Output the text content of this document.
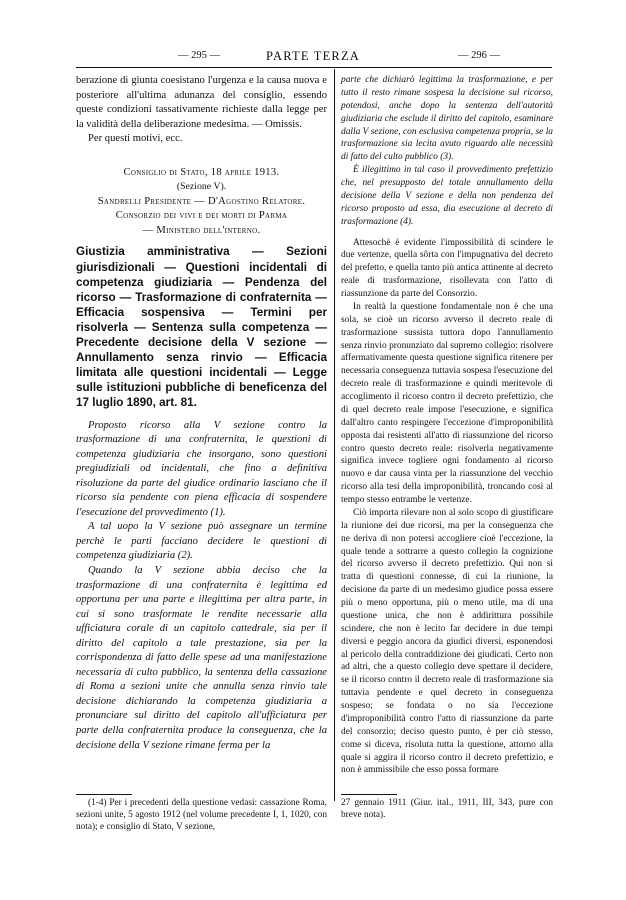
— 295 —	PARTE TERZA	— 296 —

berazione di giunta coesistano l'urgenza e la causa nuova e posteriore all'ultima adunanza del consiglio, essendo queste condizioni tassativamente richieste dalla legge per la validità della deliberazione medesima. — Omissis.

Per questi motivi, ecc.

Consiglio di Stato, 18 aprile 1913.

(Sezione V).

Sandrelli Presidente — D'Agostino Relatore.

Consorzio dei vivi e dei morti di Parma

— Ministero dell'interno.

Giustizia amministrativa — Sezioni giurisdizionali — Questioni incidentali di competenza giudiziaria — Pendenza del ricorso — Trasformazione di confraternita — Efficacia sospensiva — Termini per risolverla — Sentenza sulla competenza — Precedente decisione della V sezione — Annullamento senza rinvio — Efficacia limitata alle questioni incidentali — Legge sulle istituzioni pubbliche di beneficenza del 17 luglio 1890, art. 81.

Proposto ricorso alla V sezione contro la trasformazione di una confraternita, le questioni di competenza giudiziaria che insorgano, sono questioni pregiudiziali od incidentali, che fino a definitiva risoluzione da parte del giudice ordinario lasciano che il ricorso sia pendente con piena efficacia di sospendere l'esecuzione del provvedimento (1).

A tal uopo la V sezione può assegnare un termine perchè le parti facciano decidere le questioni di competenza giudiziaria (2).

Quando la V sezione abbia deciso che la trasformazione di una confraternita è legittima ed opportuna per una parte e illegittima per altra parte, in cui si sono trasformate le rendite necessarie alla ufficiatura corale di un capitolo cattedrale, sia per il diritto del capitolo a tale prestazione, sia per la corrispondenza di fatto delle spese ad una manifestazione necessaria di culto pubblico, la sentenza della cassazione di Roma a sezioni unite che annulla senza rinvio tale decisione dichiarando la competenza giudiziaria a pronunciare sul diritto del capitolo all'ufficiatura per parte della confraternita produce la conseguenza, che la decisione della V sezione rimane ferma per la

parte che dichiarò legittima la trasformazione, e per tutto il resto rimane sospesa la decisione sul ricorso, potendosi, anche dopo la sentenza dell'autorità giudiziaria che esclude il diritto del capitolo, esaminare dalla V sezione, con esclusiva competenza propria, se la trasformazione sia lecita avuto riguardo alle necessità di fatto del culto pubblico (3).

È illegittimo in tal caso il provvedimento prefettizio che, nel presupposto del totale annullamento della decisione della V sezione e della non pendenza del ricorso proposto ad essa, dia esecuzione al decreto di trasformazione (4).

Attesochè è evidente l'impossibilità di scindere le due vertenze, quella sôrta con l'impugnativa del decreto del prefetto, e quella tanto più antica attinente al decreto reale di trasformazione, risollevata con l'atto di riassunzione da parte del Consorzio.

In realtà la questione fondamentale non è che una sola, se cioè un ricorso avverso il decreto reale di trasformazione sussista tuttora dopo l'annullamento senza rinvio pronunziato dal supremo collegio: risolvere affermativamente questa questione significa ritenere per necessaria conseguenza tuttavia sospesa l'esecuzione del decreto reale di trasformazione e quindi meritevole di accoglimento il ricorso contro il decreto prefettizio, che di quel decreto reale impose l'esecuzione, e significa dall'altro canto respingere l'eccezione d'improponibilità opposta dai resistenti all'atto di riassunzione del ricorso contro questo decreto reale: risolverla negativamente significa invece togliere ogni fondamento al ricorso nuovo e dar causa vinta per la riassunzione del vecchio ricorso alla tesi della improponibilità, troncando così al tempo stesso entrambe le vertenze.

Ciò importa rilevare non al solo scopo di giustificare la riunione dei due ricorsi, ma per la conseguenza che ne deriva di non potersi accogliere cioè l'eccezione, la quale tende a sottrarre a questo collegio la cognizione del ricorso avverso il decreto prefettizio. Qui non si tratta di questioni connesse, di cui la riunione, la decisione da parte di un medesimo giudice possa essere più o meno opportuna, più o meno utile, ma di una questione unica, che non è addirittura possibile scindere, che non è lecito far decidere in due tempi diversi e peggio ancora da giudici diversi, esponendosi al pericolo della contraddizione dei giudicati. Certo non ad altri, che a questo collegio deve spettare il decidere, se il ricorso contro il decreto reale di trasformazione sia tuttavia pendente e quel decreto in conseguenza sospeso; se fondata o no sia l'eccezione d'improponibilità contro l'atto di riassunzione da parte del consorzio; deciso questo punto, è per ciò stesso, come si diceva, risoluta tutta la questione, attorno alla quale si aggira il ricorso contro il decreto prefettizio, e non è ammissibile che esso possa formare

(1-4) Per i precedenti della questione vedasi: cassazione Roma, sezioni unite, 5 agosto 1912 (nel volume precedente I, 1, 1020, con nota); e consiglio di Stato, V sezione,

27 gennaio 1911 (Giur. ital., 1911, III, 343, pure con breve nota).
